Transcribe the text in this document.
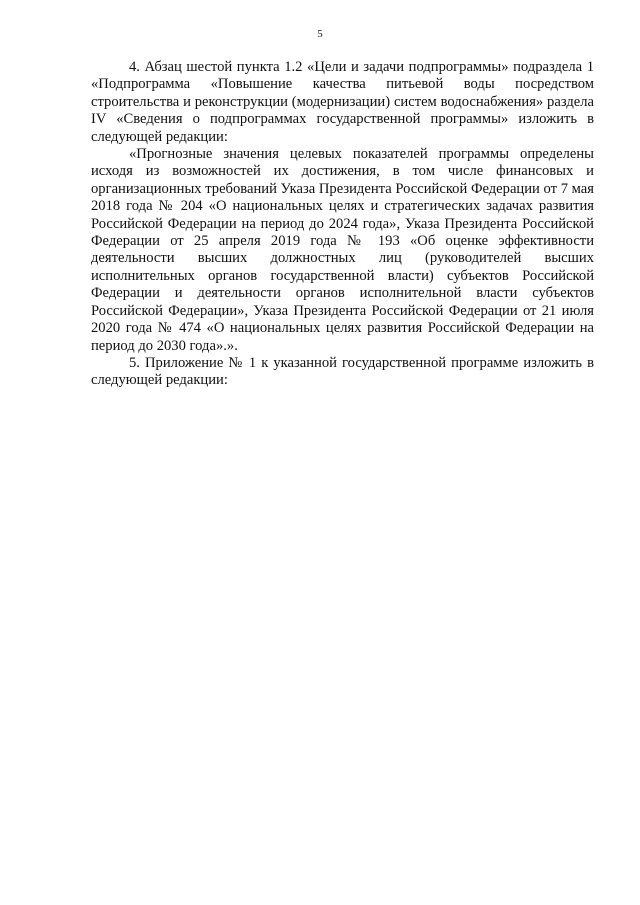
5

4. Абзац шестой пункта 1.2 «Цели и задачи подпрограммы» подраздела 1 «Подпрограмма «Повышение качества питьевой воды посредством строительства и реконструкции (модернизации) систем водоснабжения» раздела IV «Сведения о подпрограммах государственной программы» изложить в следующей редакции:

«Прогнозные значения целевых показателей программы определены исходя из возможностей их достижения, в том числе финансовых и организационных требований Указа Президента Российской Федерации от 7 мая 2018 года № 204 «О национальных целях и стратегических задачах развития Российской Федерации на период до 2024 года», Указа Президента Российской Федерации от 25 апреля 2019 года № 193 «Об оценке эффективности деятельности высших должностных лиц (руководителей высших исполнительных органов государственной власти) субъектов Российской Федерации и деятельности органов исполнительной власти субъектов Российской Федерации», Указа Президента Российской Федерации от 21 июля 2020 года № 474 «О национальных целях развития Российской Федерации на период до 2030 года».».

5. Приложение № 1 к указанной государственной программе изложить в следующей редакции:
